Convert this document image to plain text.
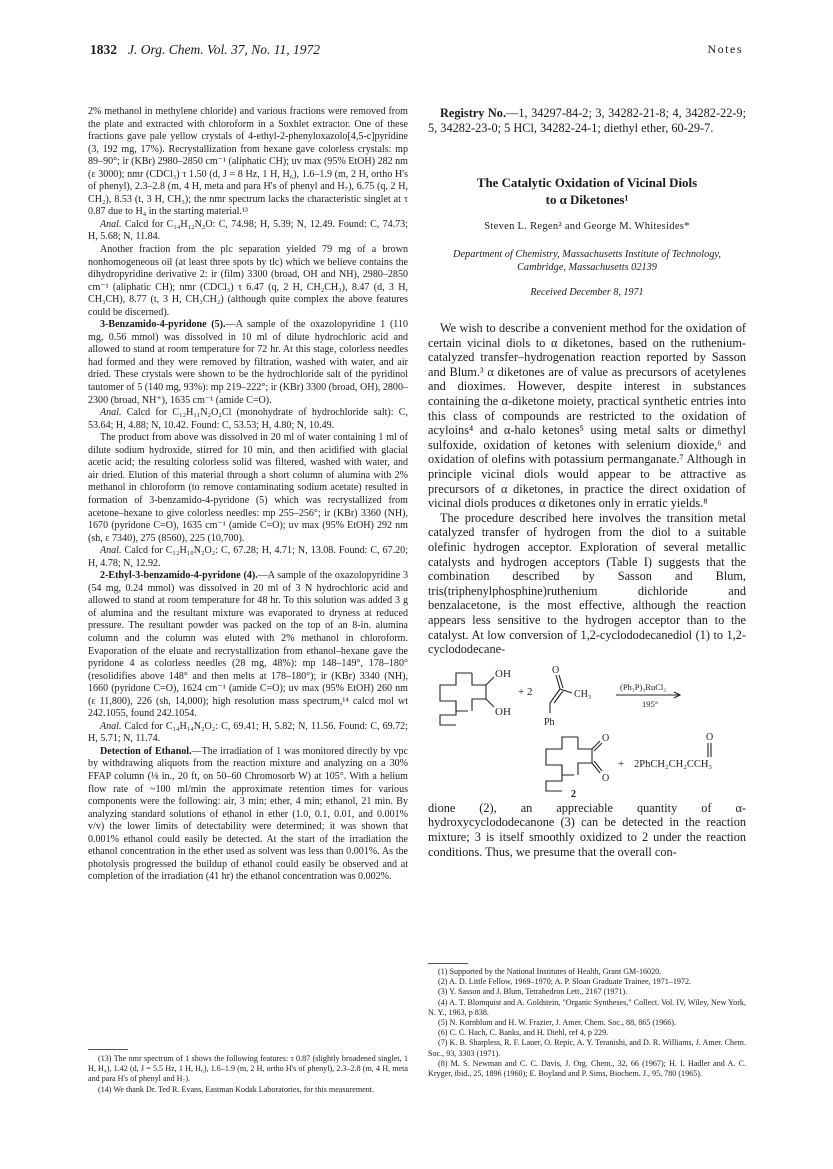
1832 J. Org. Chem. Vol. 37, No. 11, 1972	Notes

2% methanol in methylene chloride) and various fractions were removed from the plate and extracted with chloroform in a Soxhlet extractor. One of these fractions gave pale yellow crystals of 4-ethyl-2-phenyloxazolo[4,5-c]pyridine (3, 192 mg, 17%). Recrystallization from hexane gave colorless crystals: mp 89–90°; ir (KBr) 2980–2850 cm⁻¹ (aliphatic CH); uv max (95% EtOH) 282 nm (ε 3000); nmr (CDCl₃) τ 1.50 (d, J = 8 Hz, 1 H, H₆), 1.6–1.9 (m, 2 H, ortho H's of phenyl), 2.3–2.8 (m, 4 H, meta and para H's of phenyl and H₇), 6.75 (q, 2 H, CH₂), 8.53 (t, 3 H, CH₃); the nmr spectrum lacks the characteristic singlet at τ 0.87 due to H₄ in the starting material.¹³

Anal. Calcd for C₁₄H₁₂N₂O: C, 74.98; H, 5.39; N, 12.49. Found: C, 74.73; H, 5.68; N, 11.84.

Another fraction from the plc separation yielded 79 mg of a brown nonhomogeneous oil (at least three spots by tlc) which we believe contains the dihydropyridine derivative 2: ir (film) 3300 (broad, OH and NH), 2980–2850 cm⁻¹ (aliphatic CH); nmr (CDCl₃) τ 6.47 (q, 2 H, CH₂CH₃), 8.47 (d, 3 H, CH₃CH), 8.77 (t, 3 H, CH₃CH₂) (although quite complex the above features could be discerned).

3-Benzamido-4-pyridone (5).—A sample of the oxazolopyridine 1 (110 mg, 0.56 mmol) was dissolved in 10 ml of dilute hydrochloric acid and allowed to stand at room temperature for 72 hr. At this stage, colorless needles had formed and they were removed by filtration, washed with water, and air dried. These crystals were shown to be the hydrochloride salt of the pyridinol tautomer of 5 (140 mg, 93%): mp 219–222°; ir (KBr) 3300 (broad, OH), 2800–2300 (broad, NH⁺), 1635 cm⁻¹ (amide C=O).

Anal. Calcd for C₁₂H₁₁N₂O₂Cl (monohydrate of hydrochloride salt): C, 53.64; H, 4.88; N, 10.42. Found: C, 53.53; H, 4.80; N, 10.49.

The product from above was dissolved in 20 ml of water containing 1 ml of dilute sodium hydroxide, stirred for 10 min, and then acidified with glacial acetic acid; the resulting colorless solid was filtered, washed with water, and air dried. Elution of this material through a short column of alumina with 2% methanol in chloroform (to remove contaminating sodium acetate) resulted in formation of 3-benzamido-4-pyridone (5) which was recrystallized from acetone–hexane to give colorless needles: mp 255–256°; ir (KBr) 3360 (NH), 1670 (pyridone C=O), 1635 cm⁻¹ (amide C=O); uv max (95% EtOH) 292 nm (sh, ε 7340), 275 (8560), 225 (10,700).

Anal. Calcd for C₁₂H₁₀N₂O₂: C, 67.28; H, 4.71; N, 13.08. Found: C, 67.20; H, 4.78; N, 12.92.

2-Ethyl-3-benzamido-4-pyridone (4).—A sample of the oxazolopyridine 3 (54 mg, 0.24 mmol) was dissolved in 20 ml of 3 N hydrochloric acid and allowed to stand at room temperature for 48 hr. To this solution was added 3 g of alumina and the resultant mixture was evaporated to dryness at reduced pressure. The resultant powder was packed on the top of an 8-in. alumina column and the column was eluted with 2% methanol in chloroform. Evaporation of the eluate and recrystallization from ethanol–hexane gave the pyridone 4 as colorless needles (28 mg, 48%): mp 148–149°, 178–180° (resolidifies above 148° and then melts at 178–180°); ir (KBr) 3340 (NH), 1660 (pyridone C=O), 1624 cm⁻¹ (amide C=O); uv max (95% EtOH) 260 nm (ε 11,800), 226 (sh, 14,000); high resolution mass spectrum,¹⁴ calcd mol wt 242.1055, found 242.1054.

Anal. Calcd for C₁₄H₁₄N₂O₂: C, 69.41; H, 5.82; N, 11.56. Found: C, 69.72; H, 5.71; N, 11.74.

Detection of Ethanol.—The irradiation of 1 was monitored directly by vpc by withdrawing aliquots from the reaction mixture and analyzing on a 30% FFAP column (⅛ in., 20 ft, on 50–60 Chromosorb W) at 105°. With a helium flow rate of ~100 ml/min the approximate retention times for various components were the following: air, 3 min; ether, 4 min; ethanol, 21 min. By analyzing standard solutions of ethanol in ether (1.0, 0.1, 0.01, and 0.001% v/v) the lower limits of detectability were determined; it was shown that 0.001% ethanol could easily be detected. At the start of the irradiation the ethanol concentration in the ether used as solvent was less than 0.001%. As the photolysis progressed the buildup of ethanol could easily be observed and at completion of the irradiation (41 hr) the ethanol concentration was 0.002%.

(13) The nmr spectrum of 1 shows the following features: τ 0.87 (slightly broadened singlet, 1 H, H₄), 1.42 (d, J = 5.5 Hz, 1 H, H₆), 1.6–1.9 (m, 2 H, ortho H's of phenyl), 2.3–2.8 (m, 4 H, meta and para H's of phenyl and H₇).

(14) We thank Dr. Ted R. Evans, Eastman Kodak Laboratories, for this measurement.

Registry No.—1, 34297-84-2; 3, 34282-21-8; 4, 34282-22-9; 5, 34282-23-0; 5 HCl, 34282-24-1; diethyl ether, 60-29-7.

The Catalytic Oxidation of Vicinal Diols
to α Diketones¹
Steven L. Regen² and George M. Whitesides*
Department of Chemistry, Massachusetts Institute of Technology,
Cambridge, Massachusetts 02139
Received December 8, 1971

We wish to describe a convenient method for the oxidation of certain vicinal diols to α diketones, based on the ruthenium-catalyzed transfer–hydrogenation reaction reported by Sasson and Blum.³ α diketones are of value as precursors of acetylenes and dioximes. However, despite interest in substances containing the α-diketone moiety, practical synthetic entries into this class of compounds are restricted to the oxidation of acyloins⁴ and α-halo ketones⁵ using metal salts or dimethyl sulfoxide, oxidation of ketones with selenium dioxide,⁶ and oxidation of olefins with potassium permanganate.⁷ Although in principle vicinal diols would appear to be attractive as precursors of α diketones, in practice the direct oxidation of vicinal diols produces α diketones only in erratic yields.⁸

The procedure described here involves the transition metal catalyzed transfer of hydrogen from the diol to a suitable olefinic hydrogen acceptor. Exploration of several metallic catalysts and hydrogen acceptors (Table I) suggests that the combination described by Sasson and Blum, tris(triphenylphosphine)ruthenium dichloride and benzalacetone, is the most effective, although the reaction appears less sensitive to the hydrogen acceptor than to the catalyst. At low conversion of 1,2-cyclododecanediol (1) to 1,2-cyclododecane-

OH
OH
+ 2
O
CH₃
Ph
(Ph₃P)₃RuCl₂
195°
O
O
2
+ 2PhCH₂CH₂CCH₃
O

dione (2), an appreciable quantity of α-hydroxycyclododecanone (3) can be detected in the reaction mixture; 3 is itself smoothly oxidized to 2 under the reaction conditions. Thus, we presume that the overall con-

(1) Supported by the National Institutes of Health, Grant GM-16020.

(2) A. D. Little Fellow, 1969–1970; A. P. Sloan Graduate Trainee, 1971–1972.

(3) Y. Sasson and J. Blum, Tetrahedron Lett., 2167 (1971).

(4) A. T. Blomquist and A. Goldstein, "Organic Syntheses," Collect. Vol. IV, Wiley, New York, N. Y., 1963, p 838.

(5) N. Kornblum and H. W. Frazier, J. Amer. Chem. Soc., 88, 865 (1966).

(6) C. C. Hach, C. Banks, and H. Diehl, ref 4, p 229.

(7) K. B. Sharpless, R. F. Lauer, O. Repic, A. Y. Teranishi, and D. R. Williams, J. Amer. Chem. Soc., 93, 3303 (1971).

(8) M. S. Newman and C. C. Davis, J. Org. Chem., 32, 66 (1967); H. I. Hadler and A. C. Kryger, ibid., 25, 1896 (1960); E. Boyland and P. Sims, Biochem. J., 95, 780 (1965).
